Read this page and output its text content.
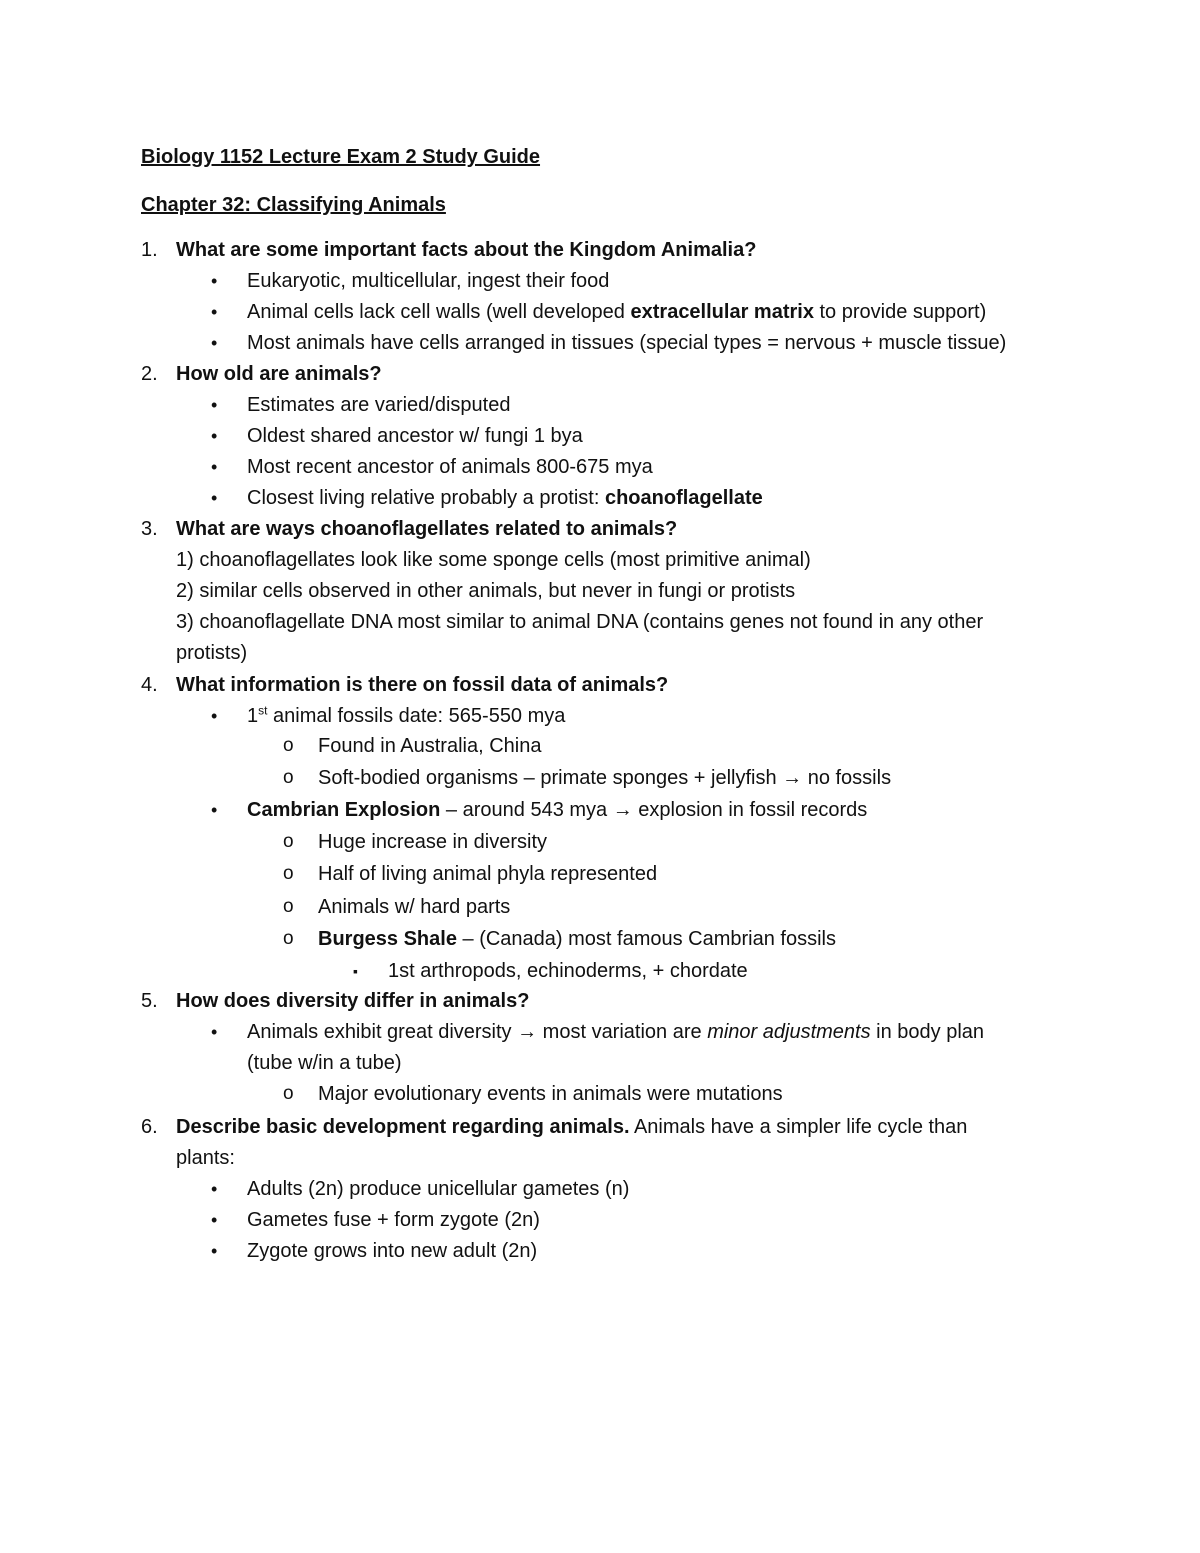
Biology 1152 Lecture Exam 2 Study Guide
Chapter 32: Classifying Animals
1. What are some important facts about the Kingdom Animalia?
• Eukaryotic, multicellular, ingest their food
• Animal cells lack cell walls (well developed extracellular matrix to provide support)
• Most animals have cells arranged in tissues (special types = nervous + muscle tissue)
2. How old are animals?
• Estimates are varied/disputed
• Oldest shared ancestor w/ fungi 1 bya
• Most recent ancestor of animals 800-675 mya
• Closest living relative probably a protist: choanoflagellate
3. What are ways choanoflagellates related to animals?
1) choanoflagellates look like some sponge cells (most primitive animal)
2) similar cells observed in other animals, but never in fungi or protists
3) choanoflagellate DNA most similar to animal DNA (contains genes not found in any other
protists)
4. What information is there on fossil data of animals?
• 1st animal fossils date: 565-550 mya
o Found in Australia, China
o Soft-bodied organisms – primate sponges + jellyfish → no fossils
• Cambrian Explosion – around 543 mya → explosion in fossil records
o Huge increase in diversity
o Half of living animal phyla represented
o Animals w/ hard parts
o Burgess Shale – (Canada) most famous Cambrian fossils
▪ 1st arthropods, echinoderms, + chordate
5. How does diversity differ in animals?
• Animals exhibit great diversity → most variation are minor adjustments in body plan
(tube w/in a tube)
o Major evolutionary events in animals were mutations
6. Describe basic development regarding animals. Animals have a simpler life cycle than
plants:
• Adults (2n) produce unicellular gametes (n)
• Gametes fuse + form zygote (2n)
• Zygote grows into new adult (2n)
